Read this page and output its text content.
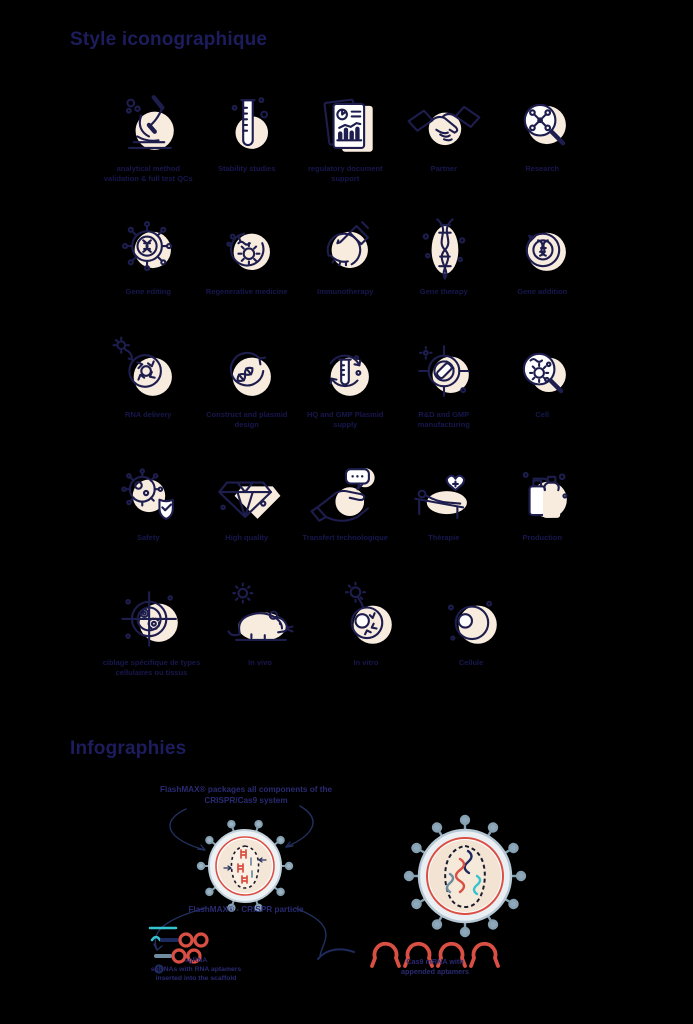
Style iconographique
analytical method validation & full test QCs
Stability studies	regulatory document support
Partner	Research
Gene editing	Regenerative medicine	Immunotherapy	Gene therapy	Gene addition
RNA delivery	Construct and plasmid design
HQ and GMP Plasmid supply
R&D and GMP manufacturing
Cell
Safety	High quality	Transfert technologique	Thérapie	Production
ciblage spécifique de types cellulaires ou tissus
In vivo	In vitro	Cellule
Infographies
FlashMAX® packages all components of the
CRISPR/Cas9 system
FlashMAX® - CRISPR particle
sgRNA
sgRNAs with RNA aptamers
inserted into the scaffold
Cas9 mRNA with
appended aptamers
